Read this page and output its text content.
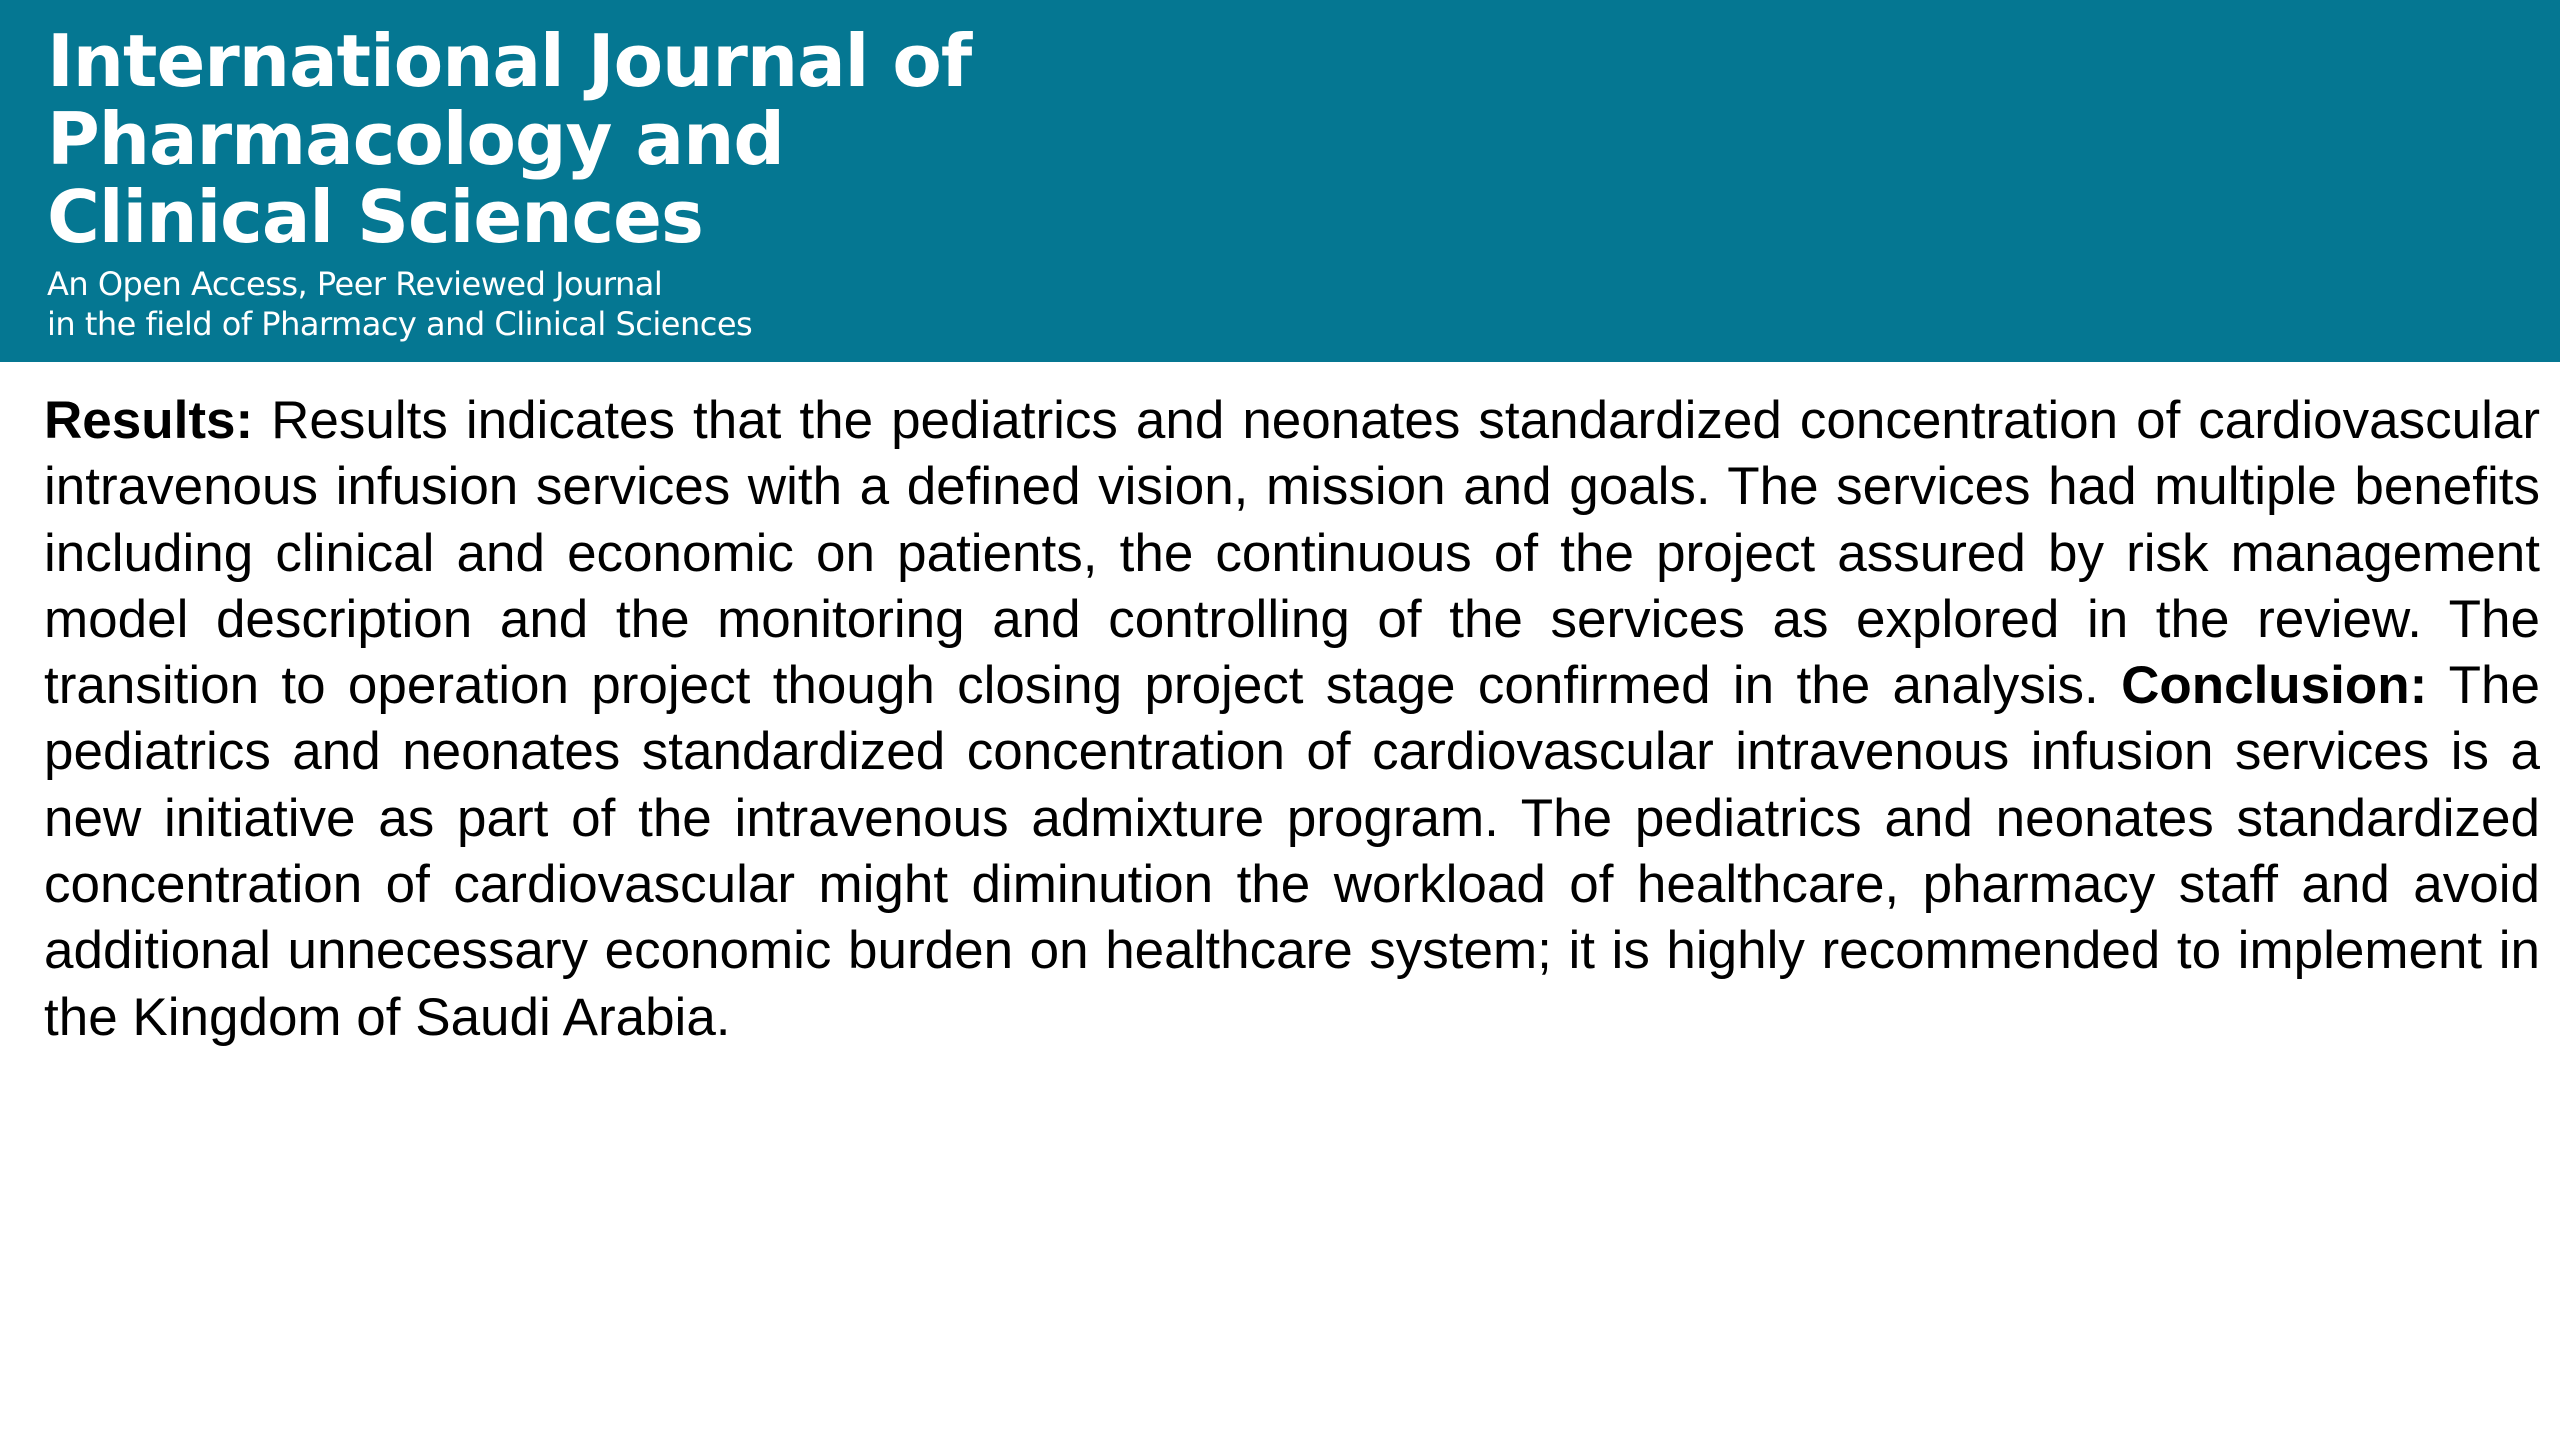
International Journal of
Pharmacology and
Clinical Sciences

An Open Access, Peer Reviewed Journal
in the field of Pharmacy and Clinical Sciences

Results: Results indicates that the pediatrics and neonates standardized concentration of cardiovascular intravenous infusion services with a defined vision, mission and goals. The services had multiple benefits including clinical and economic on patients, the continuous of the project assured by risk management model description and the monitoring and controlling of the services as explored in the review. The transition to operation project though closing project stage confirmed in the analysis. Conclusion: The pediatrics and neonates standardized concentration of cardiovascular intravenous infusion services is a new initiative as part of the intravenous admixture program. The pediatrics and neonates standardized concentration of cardiovascular might diminution the workload of healthcare, pharmacy staff and avoid additional unnecessary economic burden on healthcare system; it is highly recommended to implement in the Kingdom of Saudi Arabia.
